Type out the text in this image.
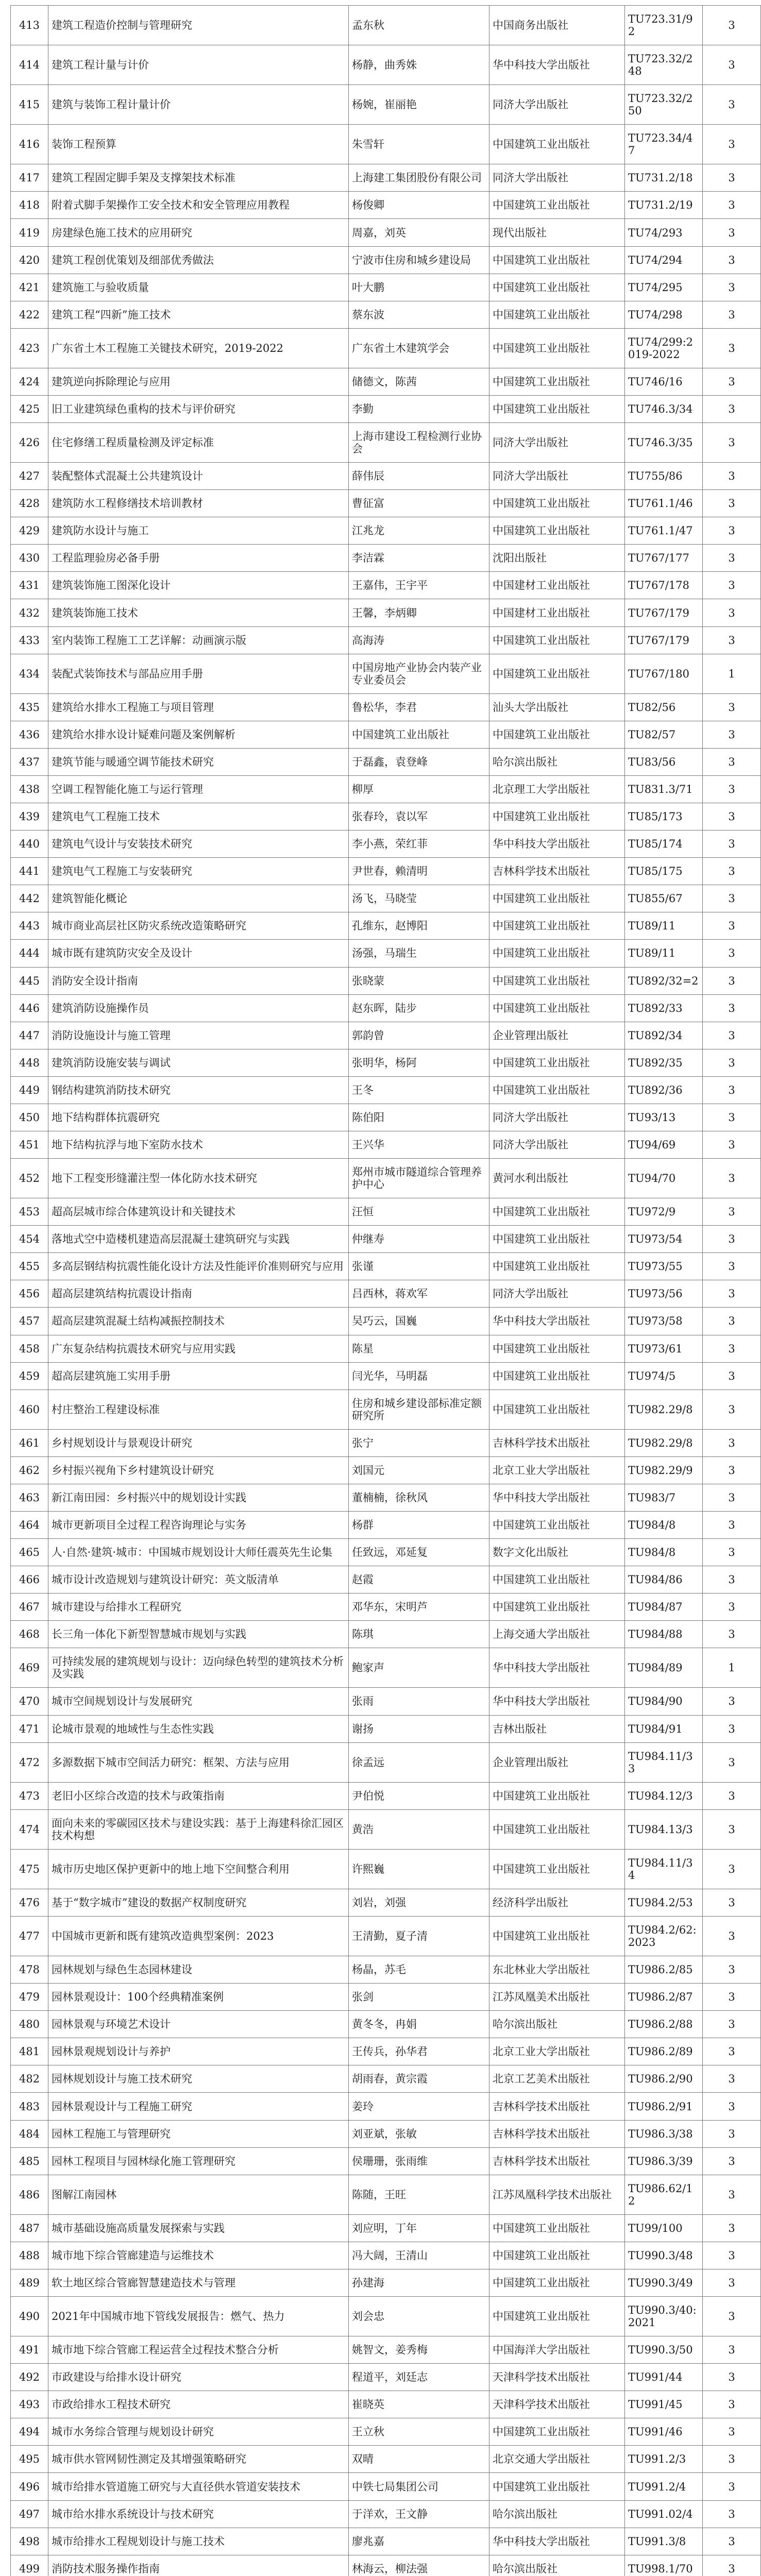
413	建筑工程造价控制与管理研究	孟东秋	中国商务出版社	TU723.31/92	3
414	建筑工程计量与计价	杨静，曲秀姝	华中科技大学出版社	TU723.32/248	3
415	建筑与装饰工程计量计价	杨婉，崔丽艳	同济大学出版社	TU723.32/250	3
416	装饰工程预算	朱雪轩	中国建筑工业出版社	TU723.34/47	3
417	建筑工程固定脚手架及支撑架技术标准	上海建工集团股份有限公司	同济大学出版社	TU731.2/18	3
418	附着式脚手架操作工安全技术和安全管理应用教程	杨俊卿	中国建筑工业出版社	TU731.2/19	3
419	房建绿色施工技术的应用研究	周嘉，刘英	现代出版社	TU74/293	3
420	建筑工程创优策划及细部优秀做法	宁波市住房和城乡建设局	中国建筑工业出版社	TU74/294	3
421	建筑施工与验收质量	叶大鹏	中国建筑工业出版社	TU74/295	3
422	建筑工程“四新”施工技术	蔡东波	中国建筑工业出版社	TU74/298	3
423	广东省土木工程施工关键技术研究，2019-2022	广东省土木建筑学会	中国建筑工业出版社	TU74/299:2019-2022	3
424	建筑逆向拆除理论与应用	储德文，陈茜	中国建筑工业出版社	TU746/16	3
425	旧工业建筑绿色重构的技术与评价研究	李勤	中国建筑工业出版社	TU746.3/34	3
426	住宅修缮工程质量检测及评定标准	上海市建设工程检测行业协会	同济大学出版社	TU746.3/35	3
427	装配整体式混凝土公共建筑设计	薛伟辰	同济大学出版社	TU755/86	3
428	建筑防水工程修缮技术培训教材	曹征富	中国建筑工业出版社	TU761.1/46	3
429	建筑防水设计与施工	江兆龙	中国建筑工业出版社	TU761.1/47	3
430	工程监理验房必备手册	李洁霖	沈阳出版社	TU767/177	3
431	建筑装饰施工图深化设计	王嘉伟，王宇平	中国建材工业出版社	TU767/178	3
432	建筑装饰施工技术	王馨，李炳卿	中国建材工业出版社	TU767/179	3
433	室内装饰工程施工工艺详解：动画演示版	高海涛	中国建筑工业出版社	TU767/179	3
434	装配式装饰技术与部品应用手册	中国房地产业协会内装产业专业委员会	中国建筑工业出版社	TU767/180	1
435	建筑给水排水工程施工与项目管理	鲁松华，李君	汕头大学出版社	TU82/56	3
436	建筑给水排水设计疑难问题及案例解析	中国建筑工业出版社	中国建筑工业出版社	TU82/57	3
437	建筑节能与暖通空调节能技术研究	于磊鑫，袁登峰	哈尔滨出版社	TU83/56	3
438	空调工程智能化施工与运行管理	柳厚	北京理工大学出版社	TU831.3/71	3
439	建筑电气工程施工技术	张春玲，袁以军	中国建筑工业出版社	TU85/173	3
440	建筑电气设计与安装技术研究	李小燕，荣红菲	华中科技大学出版社	TU85/174	3
441	建筑电气工程施工与安装研究	尹世春，赖清明	吉林科学技术出版社	TU85/175	3
442	建筑智能化概论	汤飞，马晓莹	中国建筑工业出版社	TU855/67	3
443	城市商业高层社区防灾系统改造策略研究	孔维东，赵博阳	中国建筑工业出版社	TU89/11	3
444	城市既有建筑防灾安全及设计	汤强，马瑞生	中国建筑工业出版社	TU89/11	3
445	消防安全设计指南	张晓蒙	中国建筑工业出版社	TU892/32=2	3
446	建筑消防设施操作员	赵东晖，陆步	中国建筑工业出版社	TU892/33	3
447	消防设施设计与施工管理	郭韵曾	企业管理出版社	TU892/34	3
448	建筑消防设施安装与调试	张明华，杨阿	中国建筑工业出版社	TU892/35	3
449	钢结构建筑消防技术研究	王冬	中国建筑工业出版社	TU892/36	3
450	地下结构群体抗震研究	陈伯阳	同济大学出版社	TU93/13	3
451	地下结构抗浮与地下室防水技术	王兴华	同济大学出版社	TU94/69	3
452	地下工程变形缝灌注型一体化防水技术研究	郑州市城市隧道综合管理养护中心	黄河水利出版社	TU94/70	3
453	超高层城市综合体建筑设计和关键技术	汪恒	中国建筑工业出版社	TU972/9	3
454	落地式空中造楼机建造高层混凝土建筑研究与实践	仲继寿	中国建筑工业出版社	TU973/54	3
455	多高层钢结构抗震性能化设计方法及性能评价准则研究与应用	张谨	中国建筑工业出版社	TU973/55	3
456	超高层建筑结构抗震设计指南	吕西林，蒋欢军	同济大学出版社	TU973/56	3
457	超高层建筑混凝土结构减振控制技术	吴巧云，国巍	华中科技大学出版社	TU973/58	3
458	广东复杂结构抗震技术研究与应用实践	陈星	中国建筑工业出版社	TU973/61	3
459	超高层建筑施工实用手册	闫光华，马明磊	中国建筑工业出版社	TU974/5	3
460	村庄整治工程建设标准	住房和城乡建设部标准定额研究所	中国建筑工业出版社	TU982.29/8	3
461	乡村规划设计与景观设计研究	张宁	吉林科学技术出版社	TU982.29/8	3
462	乡村振兴视角下乡村建筑设计研究	刘国元	北京工业大学出版社	TU982.29/9	3
463	新江南田园：乡村振兴中的规划设计实践	董楠楠，徐秋风	华中科技大学出版社	TU983/7	3
464	城市更新项目全过程工程咨询理论与实务	杨群	中国建筑工业出版社	TU984/8	3
465	人·自然·建筑·城市：中国城市规划设计大师任震英先生论集	任致远，邓延复	数字文化出版社	TU984/8	3
466	城市设计改造规划与建筑设计研究：英文版清单	赵霞	中国建筑工业出版社	TU984/86	3
467	城市建设与给排水工程研究	邓华东，宋明芦	中国建筑工业出版社	TU984/87	3
468	长三角一体化下新型智慧城市规划与实践	陈琪	上海交通大学出版社	TU984/88	3
469	可持续发展的建筑规划与设计：迈向绿色转型的建筑技术分析及实践	鲍家声	华中科技大学出版社	TU984/89	1
470	城市空间规划设计与发展研究	张雨	华中科技大学出版社	TU984/90	3
471	论城市景观的地域性与生态性实践	谢扬	吉林出版社	TU984/91	3
472	多源数据下城市空间活力研究：框架、方法与应用	徐孟远	企业管理出版社	TU984.11/33	3
473	老旧小区综合改造的技术与政策指南	尹伯悦	中国建筑工业出版社	TU984.12/3	3
474	面向未来的零碳园区技术与建设实践：基于上海建科徐汇园区技术构想	黄浩	中国建筑工业出版社	TU984.13/3	3
475	城市历史地区保护更新中的地上地下空间整合利用	许熙巍	中国建筑工业出版社	TU984.11/34	3
476	基于“数字城市”建设的数据产权制度研究	刘岩，刘强	经济科学出版社	TU984.2/53	3
477	中国城市更新和既有建筑改造典型案例：2023	王清勤，夏子清	中国建筑工业出版社	TU984.2/62:2023	3
478	园林规划与绿色生态园林建设	杨晶，苏毛	东北林业大学出版社	TU986.2/85	3
479	园林景观设计：100个经典精准案例	张剑	江苏凤凰美术出版社	TU986.2/87	3
480	园林景观与环境艺术设计	黄冬冬，冉娟	哈尔滨出版社	TU986.2/88	3
481	园林景观规划设计与养护	王传兵，孙华君	北京工业大学出版社	TU986.2/89	3
482	园林规划设计与施工技术研究	胡雨春，黄宗霞	北京工艺美术出版社	TU986.2/90	3
483	园林景观设计与工程施工研究	姜玲	吉林科学技术出版社	TU986.2/91	3
484	园林工程施工与管理研究	刘亚斌，张敏	吉林科学技术出版社	TU986.3/38	3
485	园林工程项目与园林绿化施工管理研究	侯珊珊，张雨维	吉林科学技术出版社	TU986.3/39	3
486	图解江南园林	陈随，王旺	江苏凤凰科学技术出版社	TU986.62/12	3
487	城市基础设施高质量发展探索与实践	刘应明，丁年	中国建筑工业出版社	TU99/100	3
488	城市地下综合管廊建造与运维技术	冯大阔，王清山	中国建筑工业出版社	TU990.3/48	3
489	软土地区综合管廊智慧建造技术与管理	孙建海	中国建筑工业出版社	TU990.3/49	3
490	2021年中国城市地下管线发展报告：燃气、热力	刘会忠	中国建筑工业出版社	TU990.3/40:2021	3
491	城市地下综合管廊工程运营全过程技术整合分析	姚智文，姜秀梅	中国海洋大学出版社	TU990.3/50	3
492	市政建设与给排水设计研究	程道平，刘廷志	天津科学技术出版社	TU991/44	3
493	市政给排水工程技术研究	崔晓英	天津科学技术出版社	TU991/45	3
494	城市水务综合管理与规划设计研究	王立秋	中国建筑工业出版社	TU991/46	3
495	城市供水管网韧性测定及其增强策略研究	双晴	北京交通大学出版社	TU991.2/3	3
496	城市给排水管道施工研究与大直径供水管道安装技术	中铁七局集团公司	中国建筑工业出版社	TU991.2/4	3
497	城市给水排水系统设计与技术研究	于洋欢，王文静	哈尔滨出版社	TU991.02/4	3
498	城市给排水工程规划设计与施工技术	廖兆嘉	华中科技大学出版社	TU991.3/8	3
499	消防技术服务操作指南	林海云，柳法强	哈尔滨出版社	TU998.1/70	3
